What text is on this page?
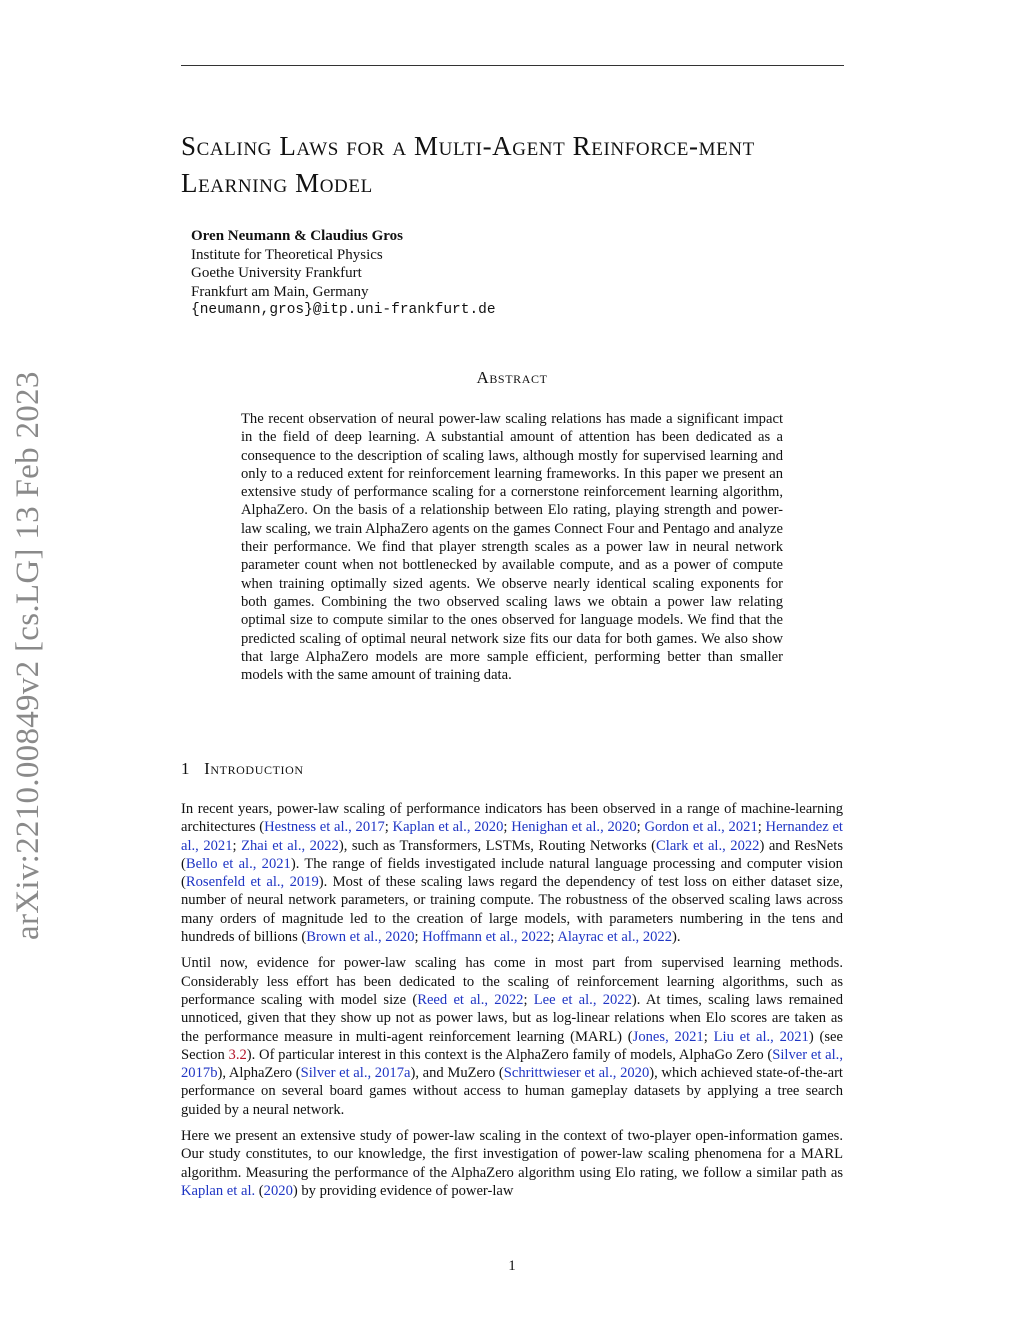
arXiv:2210.00849v2 [cs.LG] 13 Feb 2023
Scaling Laws for a Multi-Agent Reinforce-ment Learning Model
Oren Neumann & Claudius Gros
Institute for Theoretical Physics
Goethe University Frankfurt
Frankfurt am Main, Germany
{neumann,gros}@itp.uni-frankfurt.de
Abstract

The recent observation of neural power-law scaling relations has made a significant impact in the field of deep learning. A substantial amount of attention has been dedicated as a consequence to the description of scaling laws, although mostly for supervised learning and only to a reduced extent for reinforcement learning frameworks. In this paper we present an extensive study of performance scaling for a cornerstone reinforcement learning algorithm, AlphaZero. On the basis of a relationship between Elo rating, playing strength and power-law scaling, we train AlphaZero agents on the games Connect Four and Pentago and analyze their performance. We find that player strength scales as a power law in neural network parameter count when not bottlenecked by available compute, and as a power of compute when training optimally sized agents. We observe nearly identical scaling exponents for both games. Combining the two observed scaling laws we obtain a power law relating optimal size to compute similar to the ones observed for language models. We find that the predicted scaling of optimal neural network size fits our data for both games. We also show that large AlphaZero models are more sample efficient, performing better than smaller models with the same amount of training data.

1 Introduction

In recent years, power-law scaling of performance indicators has been observed in a range of machine-learning architectures (Hestness et al., 2017; Kaplan et al., 2020; Henighan et al., 2020; Gordon et al., 2021; Hernandez et al., 2021; Zhai et al., 2022), such as Transformers, LSTMs, Routing Networks (Clark et al., 2022) and ResNets (Bello et al., 2021). The range of fields investigated include natural language processing and computer vision (Rosenfeld et al., 2019). Most of these scaling laws regard the dependency of test loss on either dataset size, number of neural network parameters, or training compute. The robustness of the observed scaling laws across many orders of magnitude led to the creation of large models, with parameters numbering in the tens and hundreds of billions (Brown et al., 2020; Hoffmann et al., 2022; Alayrac et al., 2022).

Until now, evidence for power-law scaling has come in most part from supervised learning methods. Considerably less effort has been dedicated to the scaling of reinforcement learning algorithms, such as performance scaling with model size (Reed et al., 2022; Lee et al., 2022). At times, scaling laws remained unnoticed, given that they show up not as power laws, but as log-linear relations when Elo scores are taken as the performance measure in multi-agent reinforcement learning (MARL) (Jones, 2021; Liu et al., 2021) (see Section 3.2). Of particular interest in this context is the AlphaZero family of models, AlphaGo Zero (Silver et al., 2017b), AlphaZero (Silver et al., 2017a), and MuZero (Schrittwieser et al., 2020), which achieved state-of-the-art performance on several board games without access to human gameplay datasets by applying a tree search guided by a neural network.

Here we present an extensive study of power-law scaling in the context of two-player open-information games. Our study constitutes, to our knowledge, the first investigation of power-law scaling phenomena for a MARL algorithm. Measuring the performance of the AlphaZero algorithm using Elo rating, we follow a similar path as Kaplan et al. (2020) by providing evidence of power-law

1
